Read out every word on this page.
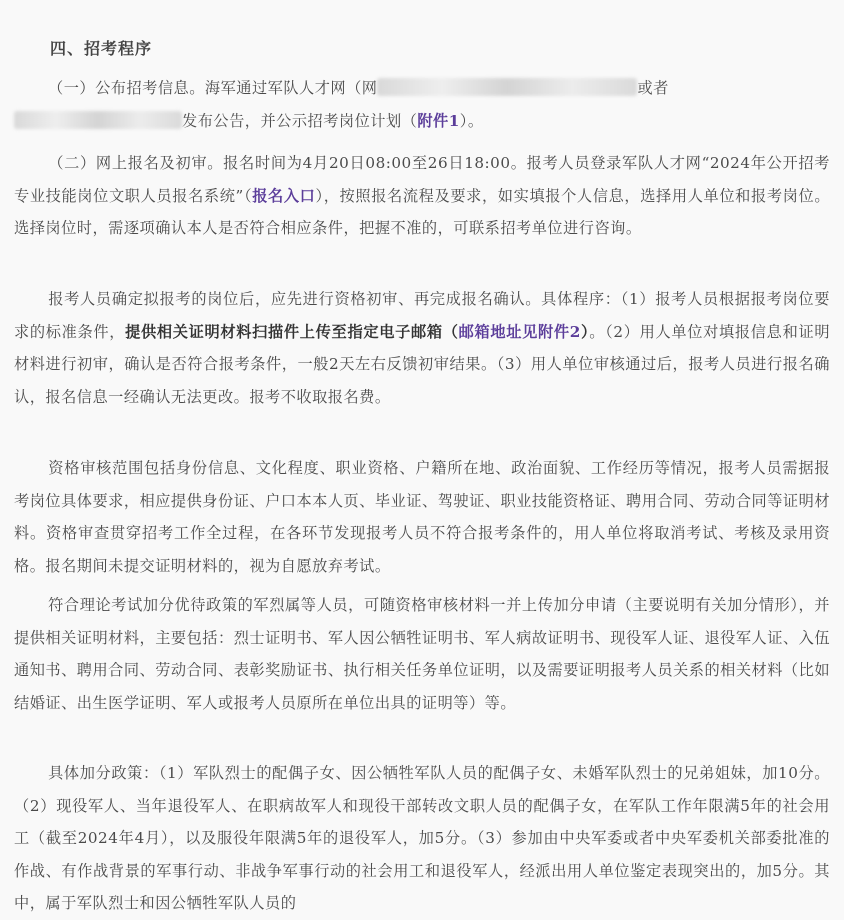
四、招考程序
（一）公布招考信息。海军通过军队人才网（网	或者
发布公告，并公示招考岗位计划（附件1）。
（二）网上报名及初审。报名时间为4月20日08:00至26日18:00。报考人员登录军队人才网“2024年公开招考专业技能岗位文职人员报名系统”（报名入口），按照报名流程及要求，如实填报个人信息，选择用人单位和报考岗位。选择岗位时，需逐项确认本人是否符合相应条件，把握不准的，可联系招考单位进行咨询。
报考人员确定拟报考的岗位后，应先进行资格初审、再完成报名确认。具体程序：（1）报考人员根据报考岗位要求的标准条件，提供相关证明材料扫描件上传至指定电子邮箱（邮箱地址见附件2）。（2）用人单位对填报信息和证明材料进行初审，确认是否符合报考条件，一般2天左右反馈初审结果。（3）用人单位审核通过后，报考人员进行报名确认，报名信息一经确认无法更改。报考不收取报名费。
资格审核范围包括身份信息、文化程度、职业资格、户籍所在地、政治面貌、工作经历等情况，报考人员需据报考岗位具体要求，相应提供身份证、户口本本人页、毕业证、驾驶证、职业技能资格证、聘用合同、劳动合同等证明材料。资格审查贯穿招考工作全过程，在各环节发现报考人员不符合报考条件的，用人单位将取消考试、考核及录用资格。报名期间未提交证明材料的，视为自愿放弃考试。
符合理论考试加分优待政策的军烈属等人员，可随资格审核材料一并上传加分申请（主要说明有关加分情形），并提供相关证明材料，主要包括：烈士证明书、军人因公牺牲证明书、军人病故证明书、现役军人证、退役军人证、入伍通知书、聘用合同、劳动合同、表彰奖励证书、执行相关任务单位证明，以及需要证明报考人员关系的相关材料（比如结婚证、出生医学证明、军人或报考人员原所在单位出具的证明等）等。
具体加分政策：（1）军队烈士的配偶子女、因公牺牲军队人员的配偶子女、未婚军队烈士的兄弟姐妹，加10分。（2）现役军人、当年退役军人、在职病故军人和现役干部转改文职人员的配偶子女，在军队工作年限满5年的社会用工（截至2024年4月），以及服役年限满5年的退役军人，加5分。（3）参加由中央军委或者中央军委机关部委批准的作战、有作战背景的军事行动、非战争军事行动的社会用工和退役军人，经派出用人单位鉴定表现突出的，加5分。其中，属于军队烈士和因公牺牲军队人员的
